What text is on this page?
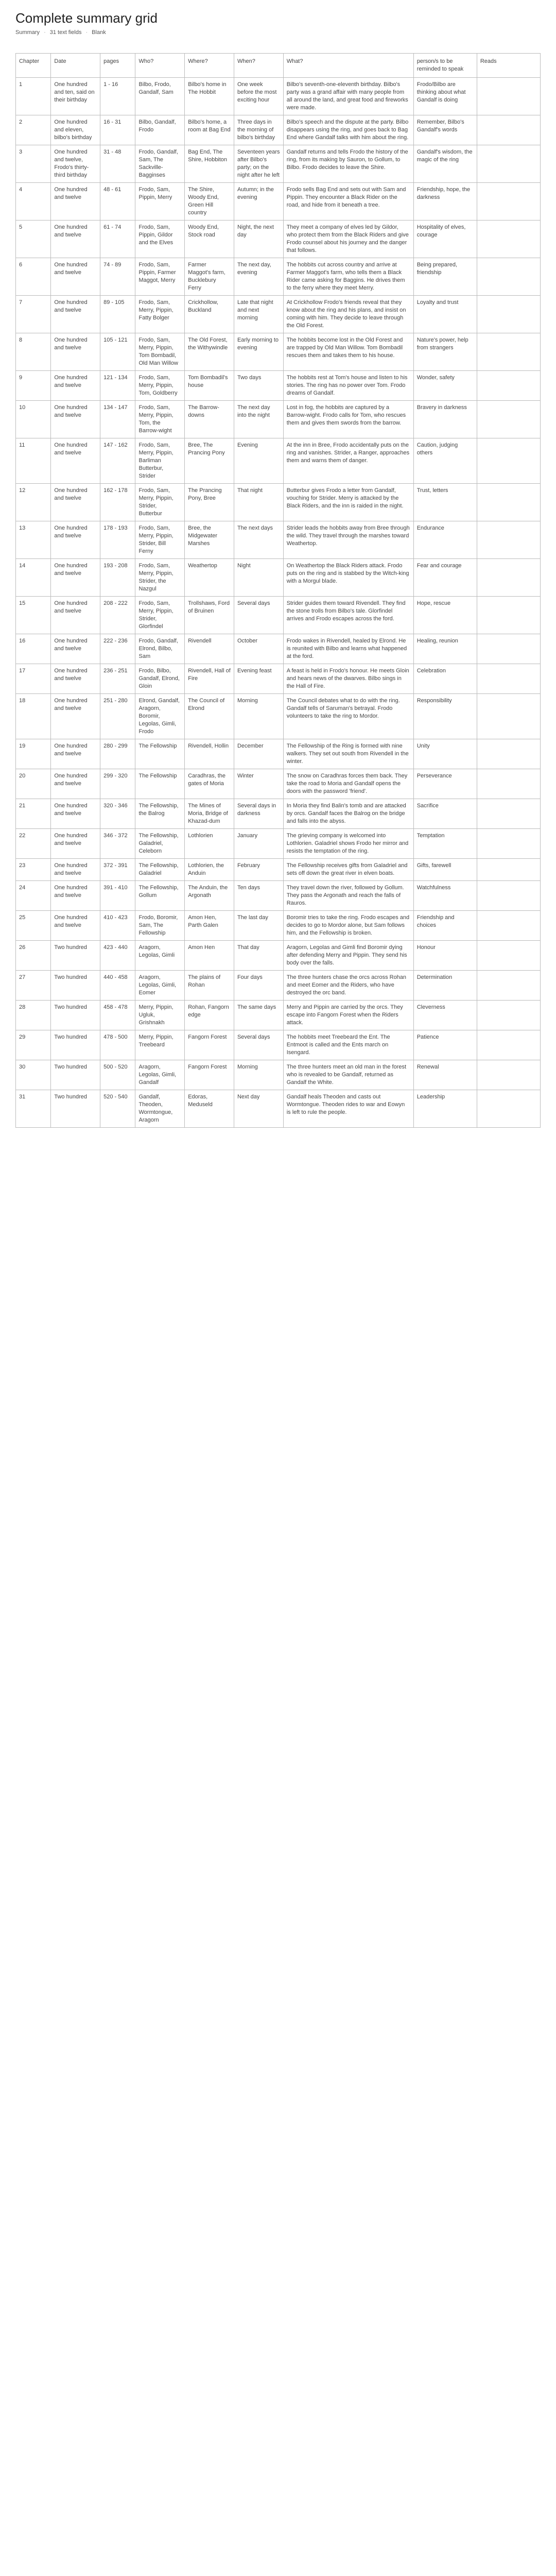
Complete summary grid
Summary · 31 text fields · Blank
Chapter	Date	pages	Who?	Where?	When?	What?	person/s to be reminded to speak	Reads
1	One hundred and ten, said on their birthday	1 - 16	Bilbo, Frodo, Gandalf, Sam	Bilbo's home in The Hobbit	One week before the most exciting hour	Bilbo's seventh-one-eleventh birthday. Bilbo's party was a grand affair with many people from all around the land, and great food and fireworks were made.	Frodo/Bilbo are thinking about what Gandalf is doing	
2	One hundred and eleven, bilbo's birthday	16 - 31	Bilbo, Gandalf, Frodo	Bilbo's home, a room at Bag End	Three days in the morning of bilbo's birthday	Bilbo's speech and the dispute at the party. Bilbo disappears using the ring, and goes back to Bag End where Gandalf talks with him about the ring.	Remember, Bilbo's Gandalf's words	
3	One hundred and twelve, Frodo's thirty-third birthday	31 - 48	Frodo, Gandalf, Sam, The Sackville-Bagginses	Bag End, The Shire, Hobbiton	Seventeen years after Bilbo's party; on the night after he left	Gandalf returns and tells Frodo the history of the ring, from its making by Sauron, to Gollum, to Bilbo. Frodo decides to leave the Shire.	Gandalf's wisdom, the magic of the ring	
4	One hundred and twelve	48 - 61	Frodo, Sam, Pippin, Merry	The Shire, Woody End, Green Hill country	Autumn; in the evening	Frodo sells Bag End and sets out with Sam and Pippin. They encounter a Black Rider on the road, and hide from it beneath a tree.	Friendship, hope, the darkness	
5	One hundred and twelve	61 - 74	Frodo, Sam, Pippin, Gildor and the Elves	Woody End, Stock road	Night, the next day	They meet a company of elves led by Gildor, who protect them from the Black Riders and give Frodo counsel about his journey and the danger that follows.	Hospitality of elves, courage	
6	One hundred and twelve	74 - 89	Frodo, Sam, Pippin, Farmer Maggot, Merry	Farmer Maggot's farm, Bucklebury Ferry	The next day, evening	The hobbits cut across country and arrive at Farmer Maggot's farm, who tells them a Black Rider came asking for Baggins. He drives them to the ferry where they meet Merry.	Being prepared, friendship	
7	One hundred and twelve	89 - 105	Frodo, Sam, Merry, Pippin, Fatty Bolger	Crickhollow, Buckland	Late that night and next morning	At Crickhollow Frodo's friends reveal that they know about the ring and his plans, and insist on coming with him. They decide to leave through the Old Forest.	Loyalty and trust	
8	One hundred and twelve	105 - 121	Frodo, Sam, Merry, Pippin, Tom Bombadil, Old Man Willow	The Old Forest, the Withywindle	Early morning to evening	The hobbits become lost in the Old Forest and are trapped by Old Man Willow. Tom Bombadil rescues them and takes them to his house.	Nature's power, help from strangers	
9	One hundred and twelve	121 - 134	Frodo, Sam, Merry, Pippin, Tom, Goldberry	Tom Bombadil's house	Two days	The hobbits rest at Tom's house and listen to his stories. The ring has no power over Tom. Frodo dreams of Gandalf.	Wonder, safety	
10	One hundred and twelve	134 - 147	Frodo, Sam, Merry, Pippin, Tom, the Barrow-wight	The Barrow-downs	The next day into the night	Lost in fog, the hobbits are captured by a Barrow-wight. Frodo calls for Tom, who rescues them and gives them swords from the barrow.	Bravery in darkness	
11	One hundred and twelve	147 - 162	Frodo, Sam, Merry, Pippin, Barliman Butterbur, Strider	Bree, The Prancing Pony	Evening	At the inn in Bree, Frodo accidentally puts on the ring and vanishes. Strider, a Ranger, approaches them and warns them of danger.	Caution, judging others	
12	One hundred and twelve	162 - 178	Frodo, Sam, Merry, Pippin, Strider, Butterbur	The Prancing Pony, Bree	That night	Butterbur gives Frodo a letter from Gandalf, vouching for Strider. Merry is attacked by the Black Riders, and the inn is raided in the night.	Trust, letters	
13	One hundred and twelve	178 - 193	Frodo, Sam, Merry, Pippin, Strider, Bill Ferny	Bree, the Midgewater Marshes	The next days	Strider leads the hobbits away from Bree through the wild. They travel through the marshes toward Weathertop.	Endurance	
14	One hundred and twelve	193 - 208	Frodo, Sam, Merry, Pippin, Strider, the Nazgul	Weathertop	Night	On Weathertop the Black Riders attack. Frodo puts on the ring and is stabbed by the Witch-king with a Morgul blade.	Fear and courage	
15	One hundred and twelve	208 - 222	Frodo, Sam, Merry, Pippin, Strider, Glorfindel	Trollshaws, Ford of Bruinen	Several days	Strider guides them toward Rivendell. They find the stone trolls from Bilbo's tale. Glorfindel arrives and Frodo escapes across the ford.	Hope, rescue	
16	One hundred and twelve	222 - 236	Frodo, Gandalf, Elrond, Bilbo, Sam	Rivendell	October	Frodo wakes in Rivendell, healed by Elrond. He is reunited with Bilbo and learns what happened at the ford.	Healing, reunion	
17	One hundred and twelve	236 - 251	Frodo, Bilbo, Gandalf, Elrond, Gloin	Rivendell, Hall of Fire	Evening feast	A feast is held in Frodo's honour. He meets Gloin and hears news of the dwarves. Bilbo sings in the Hall of Fire.	Celebration	
18	One hundred and twelve	251 - 280	Elrond, Gandalf, Aragorn, Boromir, Legolas, Gimli, Frodo	The Council of Elrond	Morning	The Council debates what to do with the ring. Gandalf tells of Saruman's betrayal. Frodo volunteers to take the ring to Mordor.	Responsibility	
19	One hundred and twelve	280 - 299	The Fellowship	Rivendell, Hollin	December	The Fellowship of the Ring is formed with nine walkers. They set out south from Rivendell in the winter.	Unity	
20	One hundred and twelve	299 - 320	The Fellowship	Caradhras, the gates of Moria	Winter	The snow on Caradhras forces them back. They take the road to Moria and Gandalf opens the doors with the password 'friend'.	Perseverance	
21	One hundred and twelve	320 - 346	The Fellowship, the Balrog	The Mines of Moria, Bridge of Khazad-dum	Several days in darkness	In Moria they find Balin's tomb and are attacked by orcs. Gandalf faces the Balrog on the bridge and falls into the abyss.	Sacrifice	
22	One hundred and twelve	346 - 372	The Fellowship, Galadriel, Celeborn	Lothlorien	January	The grieving company is welcomed into Lothlorien. Galadriel shows Frodo her mirror and resists the temptation of the ring.	Temptation	
23	One hundred and twelve	372 - 391	The Fellowship, Galadriel	Lothlorien, the Anduin	February	The Fellowship receives gifts from Galadriel and sets off down the great river in elven boats.	Gifts, farewell	
24	One hundred and twelve	391 - 410	The Fellowship, Gollum	The Anduin, the Argonath	Ten days	They travel down the river, followed by Gollum. They pass the Argonath and reach the falls of Rauros.	Watchfulness	
25	One hundred and twelve	410 - 423	Frodo, Boromir, Sam, The Fellowship	Amon Hen, Parth Galen	The last day	Boromir tries to take the ring. Frodo escapes and decides to go to Mordor alone, but Sam follows him, and the Fellowship is broken.	Friendship and choices	
26	Two hundred	423 - 440	Aragorn, Legolas, Gimli	Amon Hen	That day	Aragorn, Legolas and Gimli find Boromir dying after defending Merry and Pippin. They send his body over the falls.	Honour	
27	Two hundred	440 - 458	Aragorn, Legolas, Gimli, Eomer	The plains of Rohan	Four days	The three hunters chase the orcs across Rohan and meet Eomer and the Riders, who have destroyed the orc band.	Determination	
28	Two hundred	458 - 478	Merry, Pippin, Ugluk, Grishnakh	Rohan, Fangorn edge	The same days	Merry and Pippin are carried by the orcs. They escape into Fangorn Forest when the Riders attack.	Cleverness	
29	Two hundred	478 - 500	Merry, Pippin, Treebeard	Fangorn Forest	Several days	The hobbits meet Treebeard the Ent. The Entmoot is called and the Ents march on Isengard.	Patience	
30	Two hundred	500 - 520	Aragorn, Legolas, Gimli, Gandalf	Fangorn Forest	Morning	The three hunters meet an old man in the forest who is revealed to be Gandalf, returned as Gandalf the White.	Renewal	
31	Two hundred	520 - 540	Gandalf, Theoden, Wormtongue, Aragorn	Edoras, Meduseld	Next day	Gandalf heals Theoden and casts out Wormtongue. Theoden rides to war and Eowyn is left to rule the people.	Leadership	
